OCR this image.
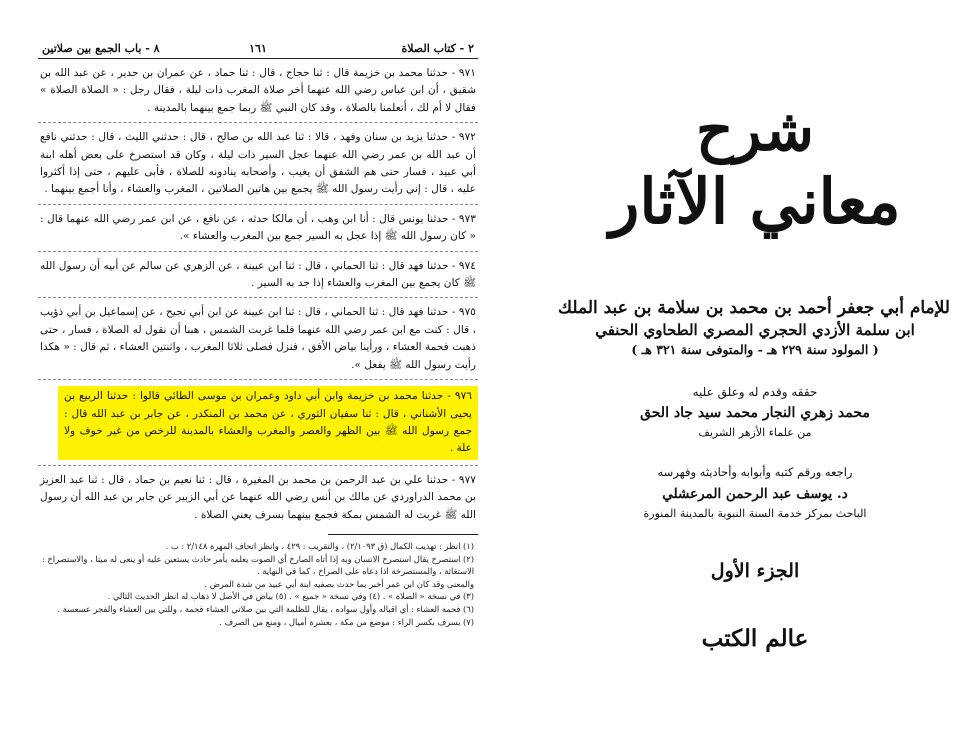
٢ - كتاب الصلاة
١٦١
٨ - باب الجمع بين صلاتين

٩٧١ - حدثنا محمد بن خزيمة قال : ثنا حجاج ، قال : ثنا حماد ، عن عمران بن حدير ، عن عبد الله بن شقيق ، أن ابن عباس رضي الله عنهما أخر صلاة المغرب ذات ليلة ، فقال رجل : « الصلاة الصلاة » فقال لا أم لك ، أتعلمنا بالصلاة ، وقد كان النبي ﷺ ربما جمع بينهما بالمدينة .

٩٧٢ - حدثنا يزيد بن سنان وفهد ، قالا : ثنا عبد الله بن صالح ، قال : حدثني الليث ، قال : حدثني نافع أن عبد الله بن عمر رضي الله عنهما عجل السير ذات ليلة ، وكان قد استصرخ على بعض أهله ابنة أبي عبيد ، فسار حتى هم الشفق أن يغيب ، وأصحابه ينادونه للصلاة ، فأبى عليهم ، حتى إذا أكثروا عليه ، قال : إني رأيت رسول الله ﷺ يجمع بين هاتين الصلاتين ، المغرب والعشاء ، وأنا أجمع بينهما .

٩٧٣ - حدثنا يونس قال : أنا ابن وهب ، أن مالكا حدثه ، عن نافع ، عن ابن عمر رضي الله عنهما قال : « كان رسول الله ﷺ إذا عجل به السير جمع بين المغرب والعشاء ».

٩٧٤ - حدثنا فهد قال : ثنا الحماني ، قال : ثنا ابن عيينة ، عن الزهري عن سالم عن أبيه أن رسول الله ﷺ كان يجمع بين المغرب والعشاء إذا جد به السير .

٩٧٥ - حدثنا فهد قال : ثنا الحماني ، قال : ثنا ابن عيينة عن ابن أبي نجيح ، عن إسماعيل بن أبي ذؤيب ، قال : كنت مع ابن عمر رضي الله عنهما فلما غربت الشمس ، هبنا أن نقول له الصلاة ، فسار ، حتى ذهبت فحمة العشاء ، ورأينا بياض الأفق ، فنزل فصلى ثلاثا المغرب ، واثنتين العشاء ، ثم قال : « هكذا رأيت رسول الله ﷺ يفعل ».

٩٧٦ - حدثنا محمد بن خزيمة وابن أبي داود وعمران بن موسى الطائي قالوا : حدثنا الربيع بن يحيى الأشناني ، قال : ثنا سفيان الثوري ، عن محمد بن المنكدر ، عن جابر بن عبد الله قال : جمع رسول الله ﷺ بين الظهر والعصر والمغرب والعشاء بالمدينة للرخص من غير خوف ولا علة .

٩٧٧ - حدثنا علي بن عبد الرحمن بن محمد بن المغيرة ، قال : ثنا نعيم بن حماد ، قال : ثنا عبد العزيز بن محمد الدراوردي عن مالك بن أنس رضي الله عنهما عن أبي الزبير عن جابر بن عبد الله أن رسول الله ﷺ غربت له الشمس بمكة فجمع بينهما بسرف يعني الصلاة .

(١) انظر : تهذيب الكمال (ق ٢/١٠٩٣) ، والتقريب : ٤٢٩ ، وانظر اتحاف المهرة ٢/١٤٨ : ب .

(٢) استصرخ يقال استصرخ الانسان وبه إذا أتاه الصارخ أي الصوت يعلمه بأمر حادث يستعين عليه أو ينعى له ميتا ، والاستصراخ : الاستغاثة ، والمستصرخة اذا دعاه على الصراخ ، كما في النهاية .

والمعنى وقد كان ابن عمر أخبر بما حدث بصفيه ابنة أبي عبيد من شدة المرض .

(٣) في نسخة « الصلاة » . (٤) وفي نسخة « جميع » . (٥) بياض في الأصل لا ذهاب له انظر الحديث التالي .

(٦) فحمة العشاء : أي اقباله وأول سواده ، يقال للظلمة التي بين صلاتي العشاء فحمة ، وللتي بين العشاء والفجر عسعسة .

(٧) بسرف بكسر الراء : موضع من مكة ، بعشرة أميال ، ومنع من الصرف .

شرح
معاني الآثار
للإمام أبي جعفر أحمد بن محمد بن سلامة بن عبد الملك
ابن سلمة الأزدي الحجري المصري الطحاوي الحنفي
( المولود سنة ٢٢٩ هـ - والمتوفى سنة ٣٢١ هـ )
حققه وقدم له وعلق عليه
محمد زهري النجار محمد سيد جاد الحق
من علماء الأزهر الشريف
راجعه ورقم كتبه وأبوابه وأحاديثه وفهرسه
د. يوسف عبد الرحمن المرعشلي
الباحث بمركز خدمة السنة النبوية بالمدينة المنورة
الجزء الأول
عالم الكتب
